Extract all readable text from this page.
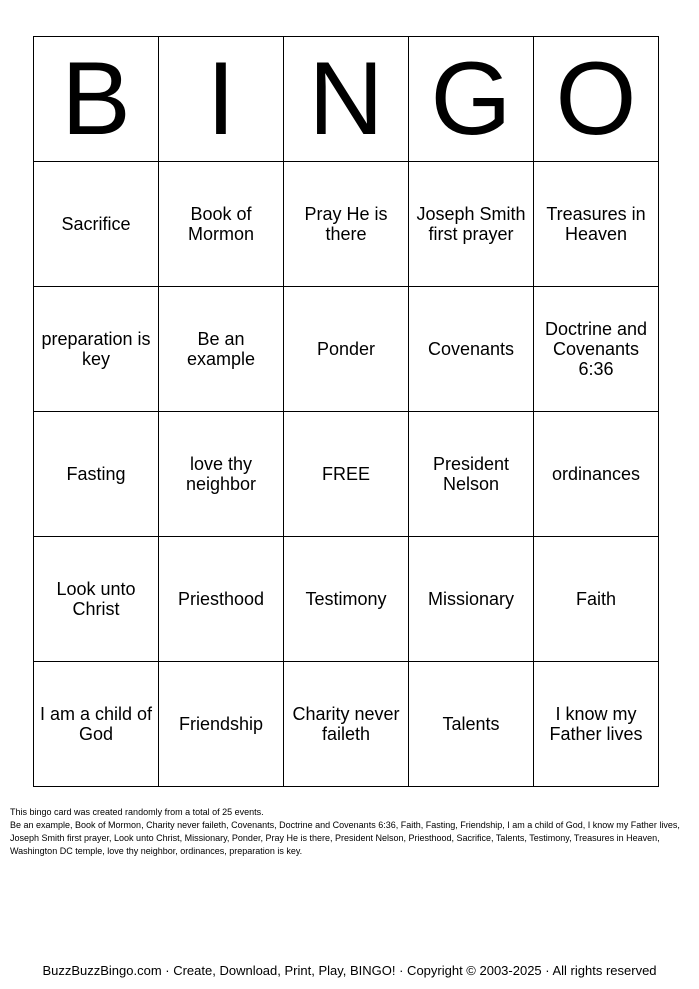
B	I	N	G	O
Sacrifice	Book of Mormon	Pray He is there	Joseph Smith first prayer	Treasures in Heaven
preparation is key	Be an example	Ponder	Covenants	Doctrine and Covenants 6:36
Fasting	love thy neighbor	FREE	President Nelson	ordinances
Look unto Christ	Priesthood	Testimony	Missionary	Faith
I am a child of God	Friendship	Charity never faileth	Talents	I know my Father lives
This bingo card was created randomly from a total of 25 events.
Be an example, Book of Mormon, Charity never faileth, Covenants, Doctrine and Covenants 6:36, Faith, Fasting, Friendship, I am a child of God, I know my Father lives, Joseph Smith first prayer, Look unto Christ, Missionary, Ponder, Pray He is there, President Nelson, Priesthood, Sacrifice, Talents, Testimony, Treasures in Heaven, Washington DC temple, love thy neighbor, ordinances, preparation is key.
BuzzBuzzBingo.com · Create, Download, Print, Play, BINGO! · Copyright © 2003-2025 · All rights reserved
